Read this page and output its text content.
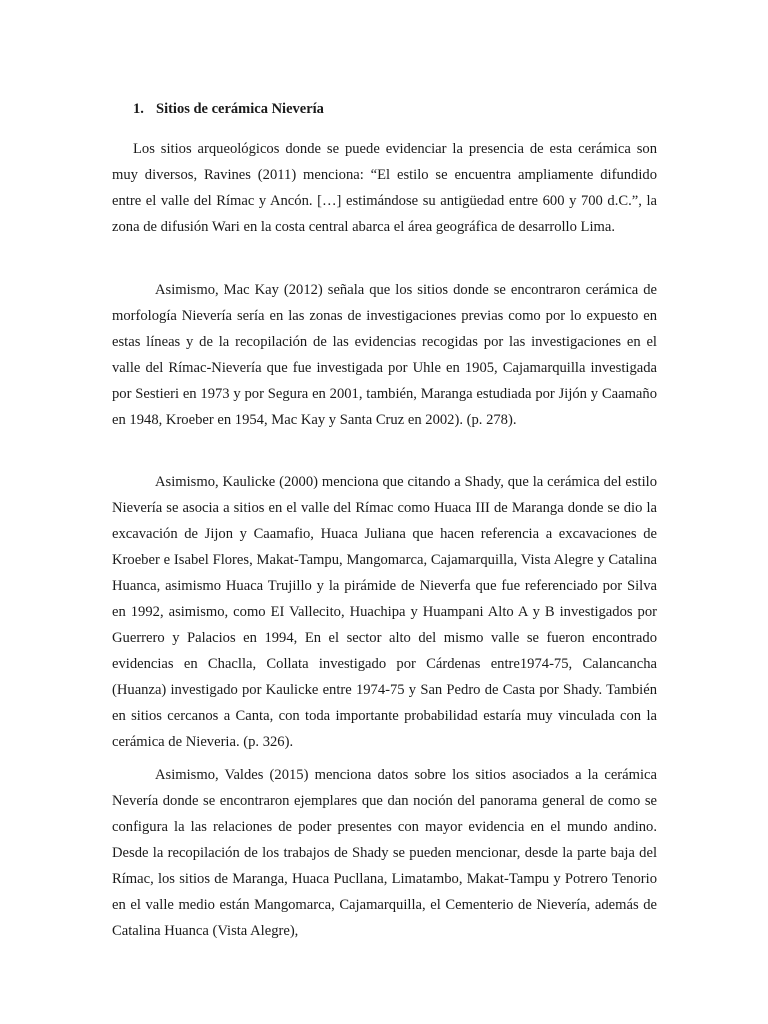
1. Sitios de cerámica Nievería

Los sitios arqueológicos donde se puede evidenciar la presencia de esta cerámica son muy diversos, Ravines (2011) menciona: “El estilo se encuentra ampliamente difundido entre el valle del Rímac y Ancón. […] estimándose su antigüedad entre 600 y 700 d.C.”, la zona de difusión Wari en la costa central abarca el área geográfica de desarrollo Lima.

Asimismo, Mac Kay (2012) señala que los sitios donde se encontraron cerámica de morfología Nievería sería en las zonas de investigaciones previas como por lo expuesto en estas líneas y de la recopilación de las evidencias recogidas por las investigaciones en el valle del Rímac-Nievería que fue investigada por Uhle en 1905, Cajamarquilla investigada por Sestieri en 1973 y por Segura en 2001, también, Maranga estudiada por Jijón y Caamaño en 1948, Kroeber en 1954, Mac Kay y Santa Cruz en 2002). (p. 278).

Asimismo, Kaulicke (2000) menciona que citando a Shady, que la cerámica del estilo Nievería se asocia a sitios en el valle del Rímac como Huaca III de Maranga donde se dio la excavación de Jijon y Caamafio, Huaca Juliana que hacen referencia a excavaciones de Kroeber e Isabel Flores, Makat-Tampu, Mangomarca, Cajamarquilla, Vista Alegre y Catalina Huanca, asimismo Huaca Trujillo y la pirámide de Nieverfa que fue referenciado por Silva en 1992, asimismo, como EI Vallecito, Huachipa y Huampani Alto A y B investigados por Guerrero y Palacios en 1994, En el sector alto del mismo valle se fueron encontrado evidencias en Chaclla, Collata investigado por Cárdenas entre1974-75, Calancancha (Huanza) investigado por Kaulicke entre 1974-75 y San Pedro de Casta por Shady. También en sitios cercanos a Canta, con toda importante probabilidad estaría muy vinculada con la cerámica de Nieveria. (p. 326).

Asimismo, Valdes (2015) menciona datos sobre los sitios asociados a la cerámica Nevería donde se encontraron ejemplares que dan noción del panorama general de como se configura la las relaciones de poder presentes con mayor evidencia en el mundo andino. Desde la recopilación de los trabajos de Shady se pueden mencionar, desde la parte baja del Rímac, los sitios de Maranga, Huaca Pucllana, Limatambo, Makat-Tampu y Potrero Tenorio en el valle medio están Mangomarca, Cajamarquilla, el Cementerio de Nievería, además de Catalina Huanca (Vista Alegre),
